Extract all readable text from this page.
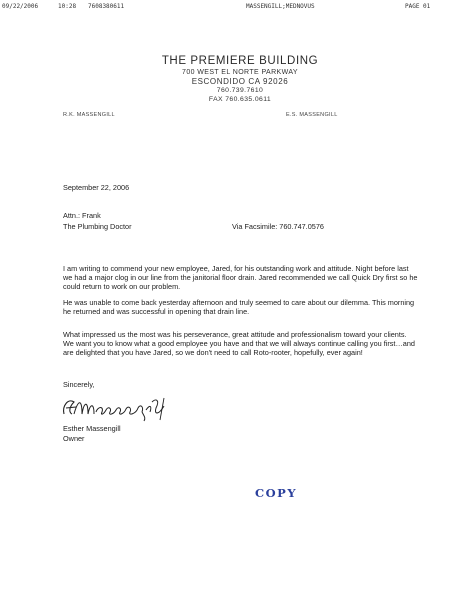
09/22/2006	10:28 7608380611	MASSENGILL;MEDNOVUS	PAGE 01
THE PREMIERE BUILDING
700 WEST EL NORTE PARKWAY
ESCONDIDO CA 92026
760.739.7610
FAX 760.635.0611
R.K. MASSENGILL	E.S. MASSENGILL
September 22, 2006
Attn.: Frank
The Plumbing Doctor	Via Facsimile: 760.747.0576

I am writing to commend your new employee, Jared, for his outstanding work and attitude. Night before last we had a major clog in our line from the janitorial floor drain. Jared recommended we call Quick Dry first so he could return to work on our problem.

He was unable to come back yesterday afternoon and truly seemed to care about our dilemma. This morning he returned and was successful in opening that drain line.

What impressed us the most was his perseverance, great attitude and professionalism toward your clients. We want you to know what a good employee you have and that we will always continue calling you first…and are delighted that you have Jared, so we don't need to call Roto-rooter, hopefully, ever again!

Sincerely,
Esther Massengill
Owner
COPY
